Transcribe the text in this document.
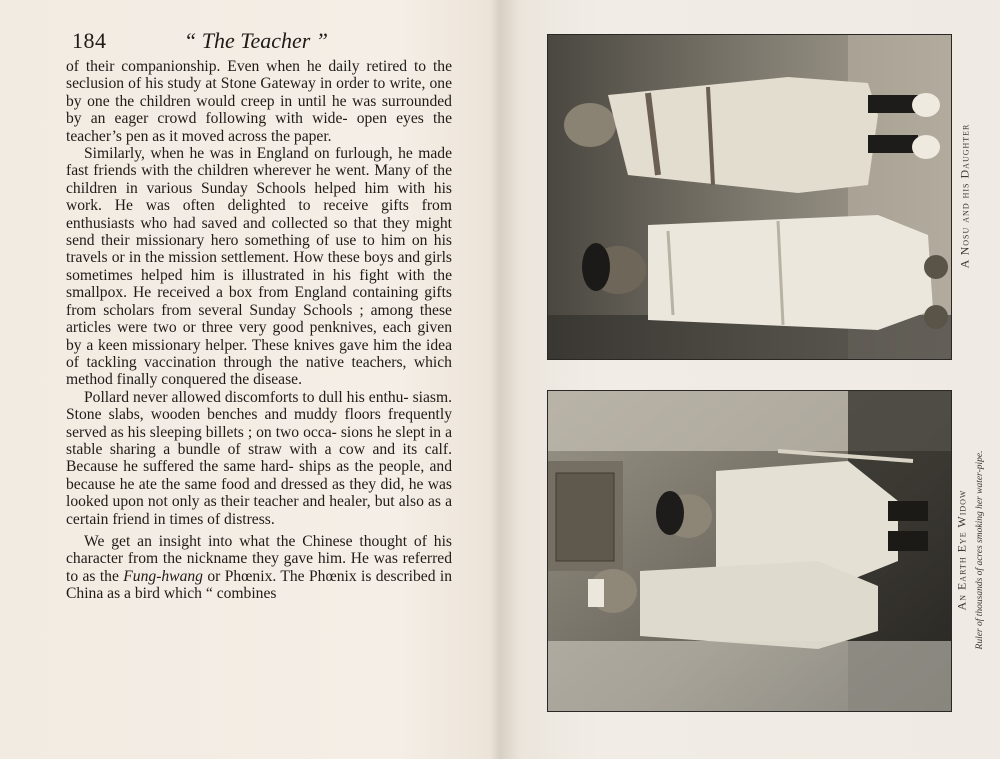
184	“ The Teacher ”

of their companionship. Even when he daily retired to the seclusion of his study at Stone Gateway in order to write, one by one the children would creep in until he was surrounded by an eager crowd following with wide- open eyes the teacher’s pen as it moved across the paper.

Similarly, when he was in England on furlough, he made fast friends with the children wherever he went. Many of the children in various Sunday Schools helped him with his work. He was often delighted to receive gifts from enthusiasts who had saved and collected so that they might send their missionary hero something of use to him on his travels or in the mission settlement. How these boys and girls sometimes helped him is illustrated in his fight with the smallpox. He received a box from England containing gifts from scholars from several Sunday Schools ; among these articles were two or three very good penknives, each given by a keen missionary helper. These knives gave him the idea of tackling vaccination through the native teachers, which method finally conquered the disease.

Pollard never allowed discomforts to dull his enthu- siasm. Stone slabs, wooden benches and muddy floors frequently served as his sleeping billets ; on two occa- sions he slept in a stable sharing a bundle of straw with a cow and its calf. Because he suffered the same hard- ships as the people, and because he ate the same food and dressed as they did, he was looked upon not only as their teacher and healer, but also as a certain friend in times of distress.

We get an insight into what the Chinese thought of his character from the nickname they gave him. He was referred to as the Fung-hwang or Phœnix. The Phœnix is described in China as a bird which “ combines

A Nosu and his Daughter
An Earth Eye Widow Ruler of thousands of acres smoking her water-pipe.
